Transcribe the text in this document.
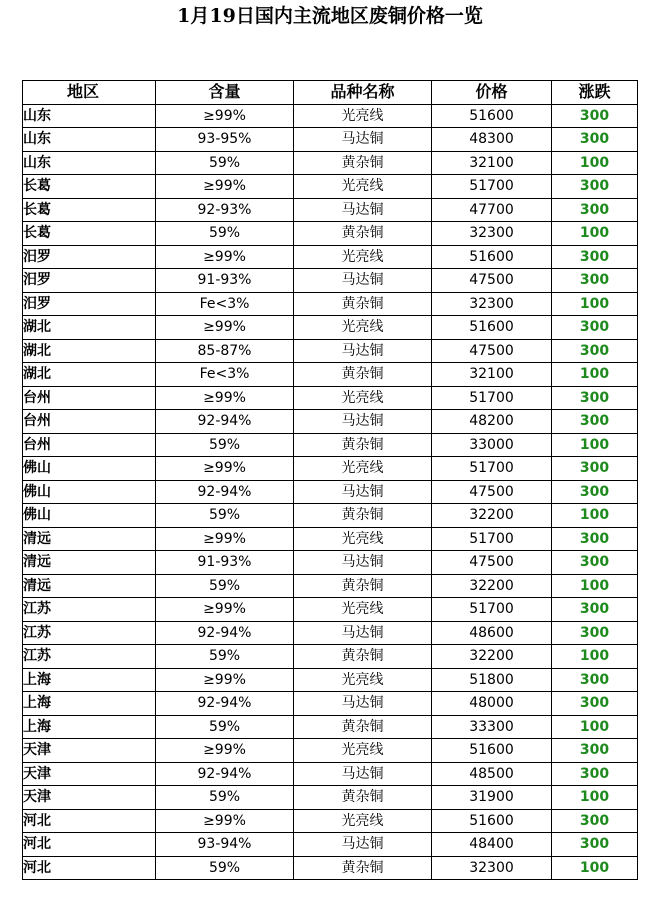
1月19日国内主流地区废铜价格一览
地区	含量	品种名称	价格	涨跌
山东	≥99%	光亮线	51600	300
山东	93-95%	马达铜	48300	300
山东	59%	黄杂铜	32100	100
长葛	≥99%	光亮线	51700	300
长葛	92-93%	马达铜	47700	300
长葛	59%	黄杂铜	32300	100
汨罗	≥99%	光亮线	51600	300
汨罗	91-93%	马达铜	47500	300
汨罗	Fe<3%	黄杂铜	32300	100
湖北	≥99%	光亮线	51600	300
湖北	85-87%	马达铜	47500	300
湖北	Fe<3%	黄杂铜	32100	100
台州	≥99%	光亮线	51700	300
台州	92-94%	马达铜	48200	300
台州	59%	黄杂铜	33000	100
佛山	≥99%	光亮线	51700	300
佛山	92-94%	马达铜	47500	300
佛山	59%	黄杂铜	32200	100
清远	≥99%	光亮线	51700	300
清远	91-93%	马达铜	47500	300
清远	59%	黄杂铜	32200	100
江苏	≥99%	光亮线	51700	300
江苏	92-94%	马达铜	48600	300
江苏	59%	黄杂铜	32200	100
上海	≥99%	光亮线	51800	300
上海	92-94%	马达铜	48000	300
上海	59%	黄杂铜	33300	100
天津	≥99%	光亮线	51600	300
天津	92-94%	马达铜	48500	300
天津	59%	黄杂铜	31900	100
河北	≥99%	光亮线	51600	300
河北	93-94%	马达铜	48400	300
河北	59%	黄杂铜	32300	100
